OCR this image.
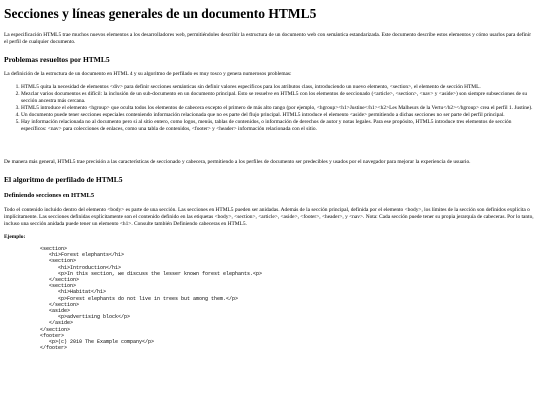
Secciones y líneas generales de un documento HTML5

La especificación HTML5 trae muchos nuevos elementos a los desarrolladores web, permitiéndoles describir la estructura de un documento web con semántica estandarizada. Este documento describe estos elementos y cómo usarlos para definir el perfil de cualquier documento.

Problemas resueltos por HTML5

La definición de la estructura de un documento en HTML 4 y su algoritmo de perfilado es muy tosco y genera numerosos problemas:

1. HTML5 quita la necesidad de elementos <div> para definir secciones semánticas sin definir valores específicos para los atributos class, introduciendo un nuevo elemento, <section>, el elemento de sección HTML.
2. Mezclar varios documentos es difícil: la inclusión de un sub-documento en un documento principal. Esto se resuelve en HTML5 con los elementos de seccionado (<article>, <section>, <nav> y <aside>) son siempre subsecciones de su sección ancestra más cercana.
3. HTML5 introduce el elemento <hgroup> que oculta todos los elementos de cabecera excepto el primero de más alto rango (por ejemplo, <hgroup><h1>Justine</h1><h2>Les Malheurs de la Vertu</h2></hgroup> crea el perfil 1. Justine).
4. Un documento puede tener secciones especiales conteniendo información relacionada que no es parte del flujo principal. HTML5 introduce el elemento <aside> permitiendo a dichas secciones no ser parte del perfil principal.
5. Hay información relacionada no al documento pero si al sitio entero, como logos, menús, tablas de contenidos, o información de derechos de autor y notas legales. Para ese propósito, HTML5 introduce tres elementos de sección específicos: <nav> para colecciones de enlaces, como una tabla de contenidos, <footer> y <header> información relacionada con el sitio.

De manera más general, HTML5 trae precisión a las características de seccionado y cabecera, permitiendo a los perfiles de documento ser predecibles y usados por el navegador para mejorar la experiencia de usuario.

El algoritmo de perfilado de HTML5
Definiendo secciones en HTML5

Todo el contenido incluido dentro del elemento <body> es parte de una sección. Las secciones en HTML5 pueden ser anidadas. Además de la sección principal, definida por el elemento <body>, los límites de la sección son definidos explícita o implícitamente. Las secciones definidas explícitamente son el contenido definido en las etiquetas <body>, <section>, <article>, <aside>, <footer>, <header>, y <nav>. Nota: Cada sección puede tener su propia jerarquía de cabeceras. Por lo tanto, incluso una sección anidada puede tener un elemento <h1>. Consulte también Definiendo cabeceras en HTML5.

Ejemplo:
<section>
<h1>Forest elephants</h1>
<section>
<h1>Introduction</h1>
<p>In this section, we discuss the lesser known forest elephants.<p>
</section>
<section>
<h1>Habitat</h1>
<p>Forest elephants do not live in trees but among them.</p>
</section>
<aside>
<p>advertising block</p>
</aside>
</section>
<footer>
<p>(c) 2010 The Example company</p>
</footer>
